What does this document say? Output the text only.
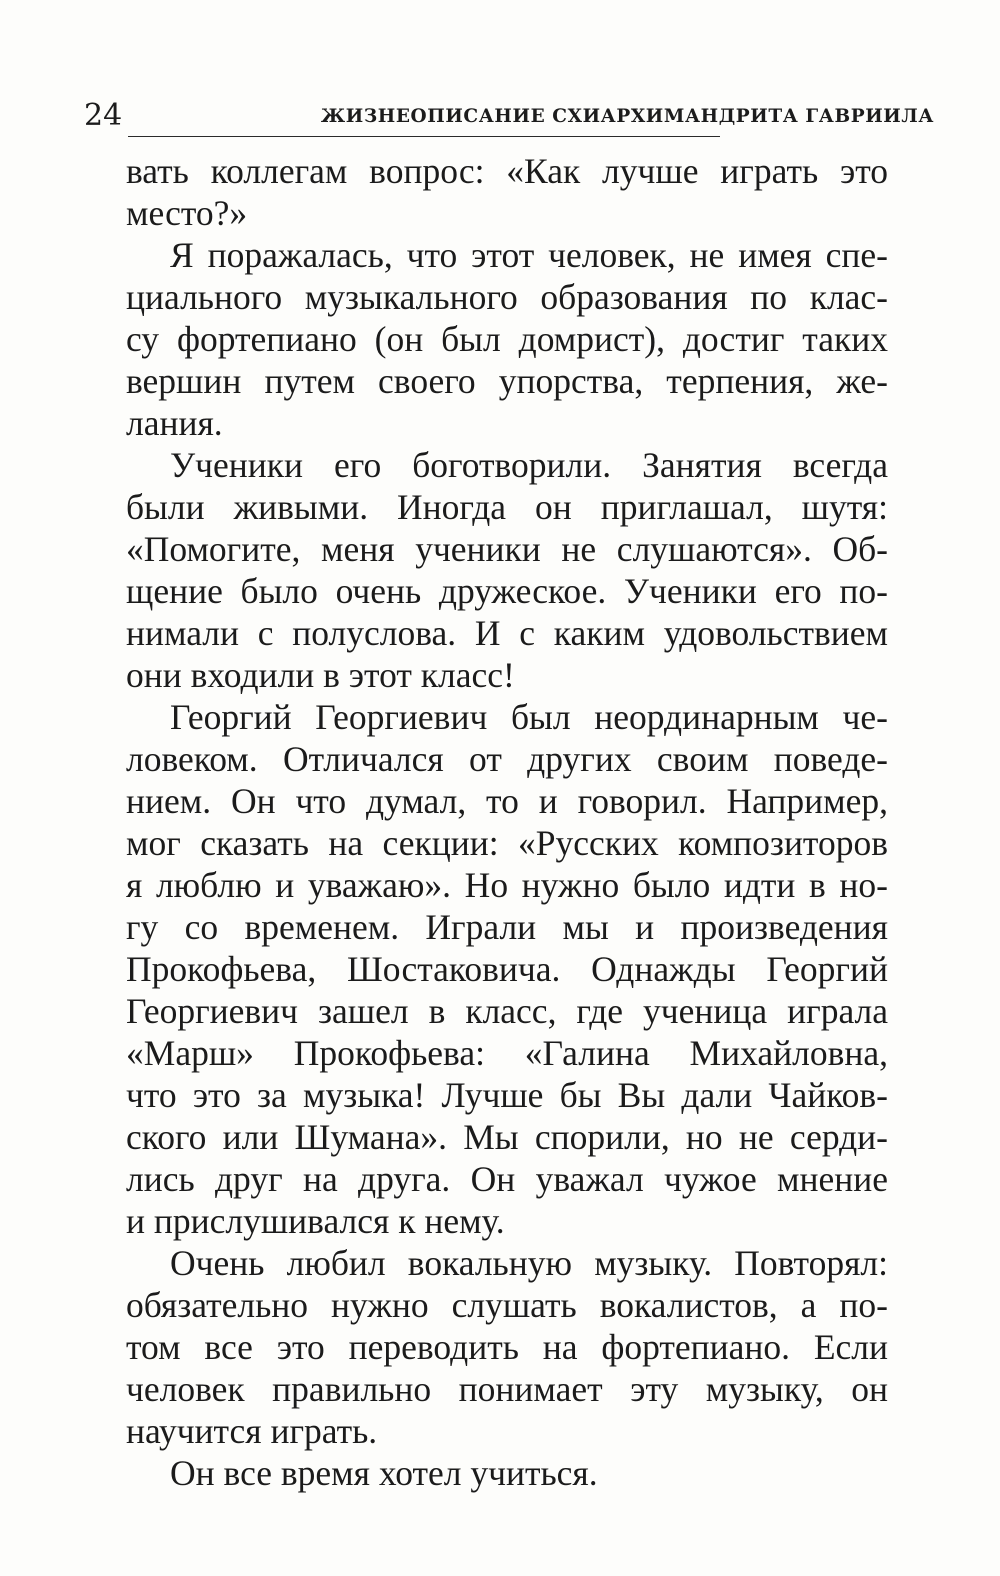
24	ЖИЗНЕОПИСАНИЕ СХИАРХИМАНДРИТА ГАВРИИЛА
вать коллегам вопрос: «Как лучше играть это
место?»
Я поражалась, что этот человек, не имея спе-
циального музыкального образования по клас-
су фортепиано (он был домрист), достиг таких
вершин путем своего упорства, терпения, же-
лания.
Ученики его боготворили. Занятия всегда
были живыми. Иногда он приглашал, шутя:
«Помогите, меня ученики не слушаются». Об-
щение было очень дружеское. Ученики его по-
нимали с полуслова. И с каким удовольствием
они входили в этот класс!
Георгий Георгиевич был неординарным че-
ловеком. Отличался от других своим поведе-
нием. Он что думал, то и говорил. Например,
мог сказать на секции: «Русских композиторов
я люблю и уважаю». Но нужно было идти в но-
гу со временем. Играли мы и произведения
Прокофьева, Шостаковича. Однажды Георгий
Георгиевич зашел в класс, где ученица играла
«Марш» Прокофьева: «Галина Михайловна,
что это за музыка! Лучше бы Вы дали Чайков-
ского или Шумана». Мы спорили, но не серди-
лись друг на друга. Он уважал чужое мнение
и прислушивался к нему.
Очень любил вокальную музыку. Повторял:
обязательно нужно слушать вокалистов, а по-
том все это переводить на фортепиано. Если
человек правильно понимает эту музыку, он
научится играть.
Он все время хотел учиться.
